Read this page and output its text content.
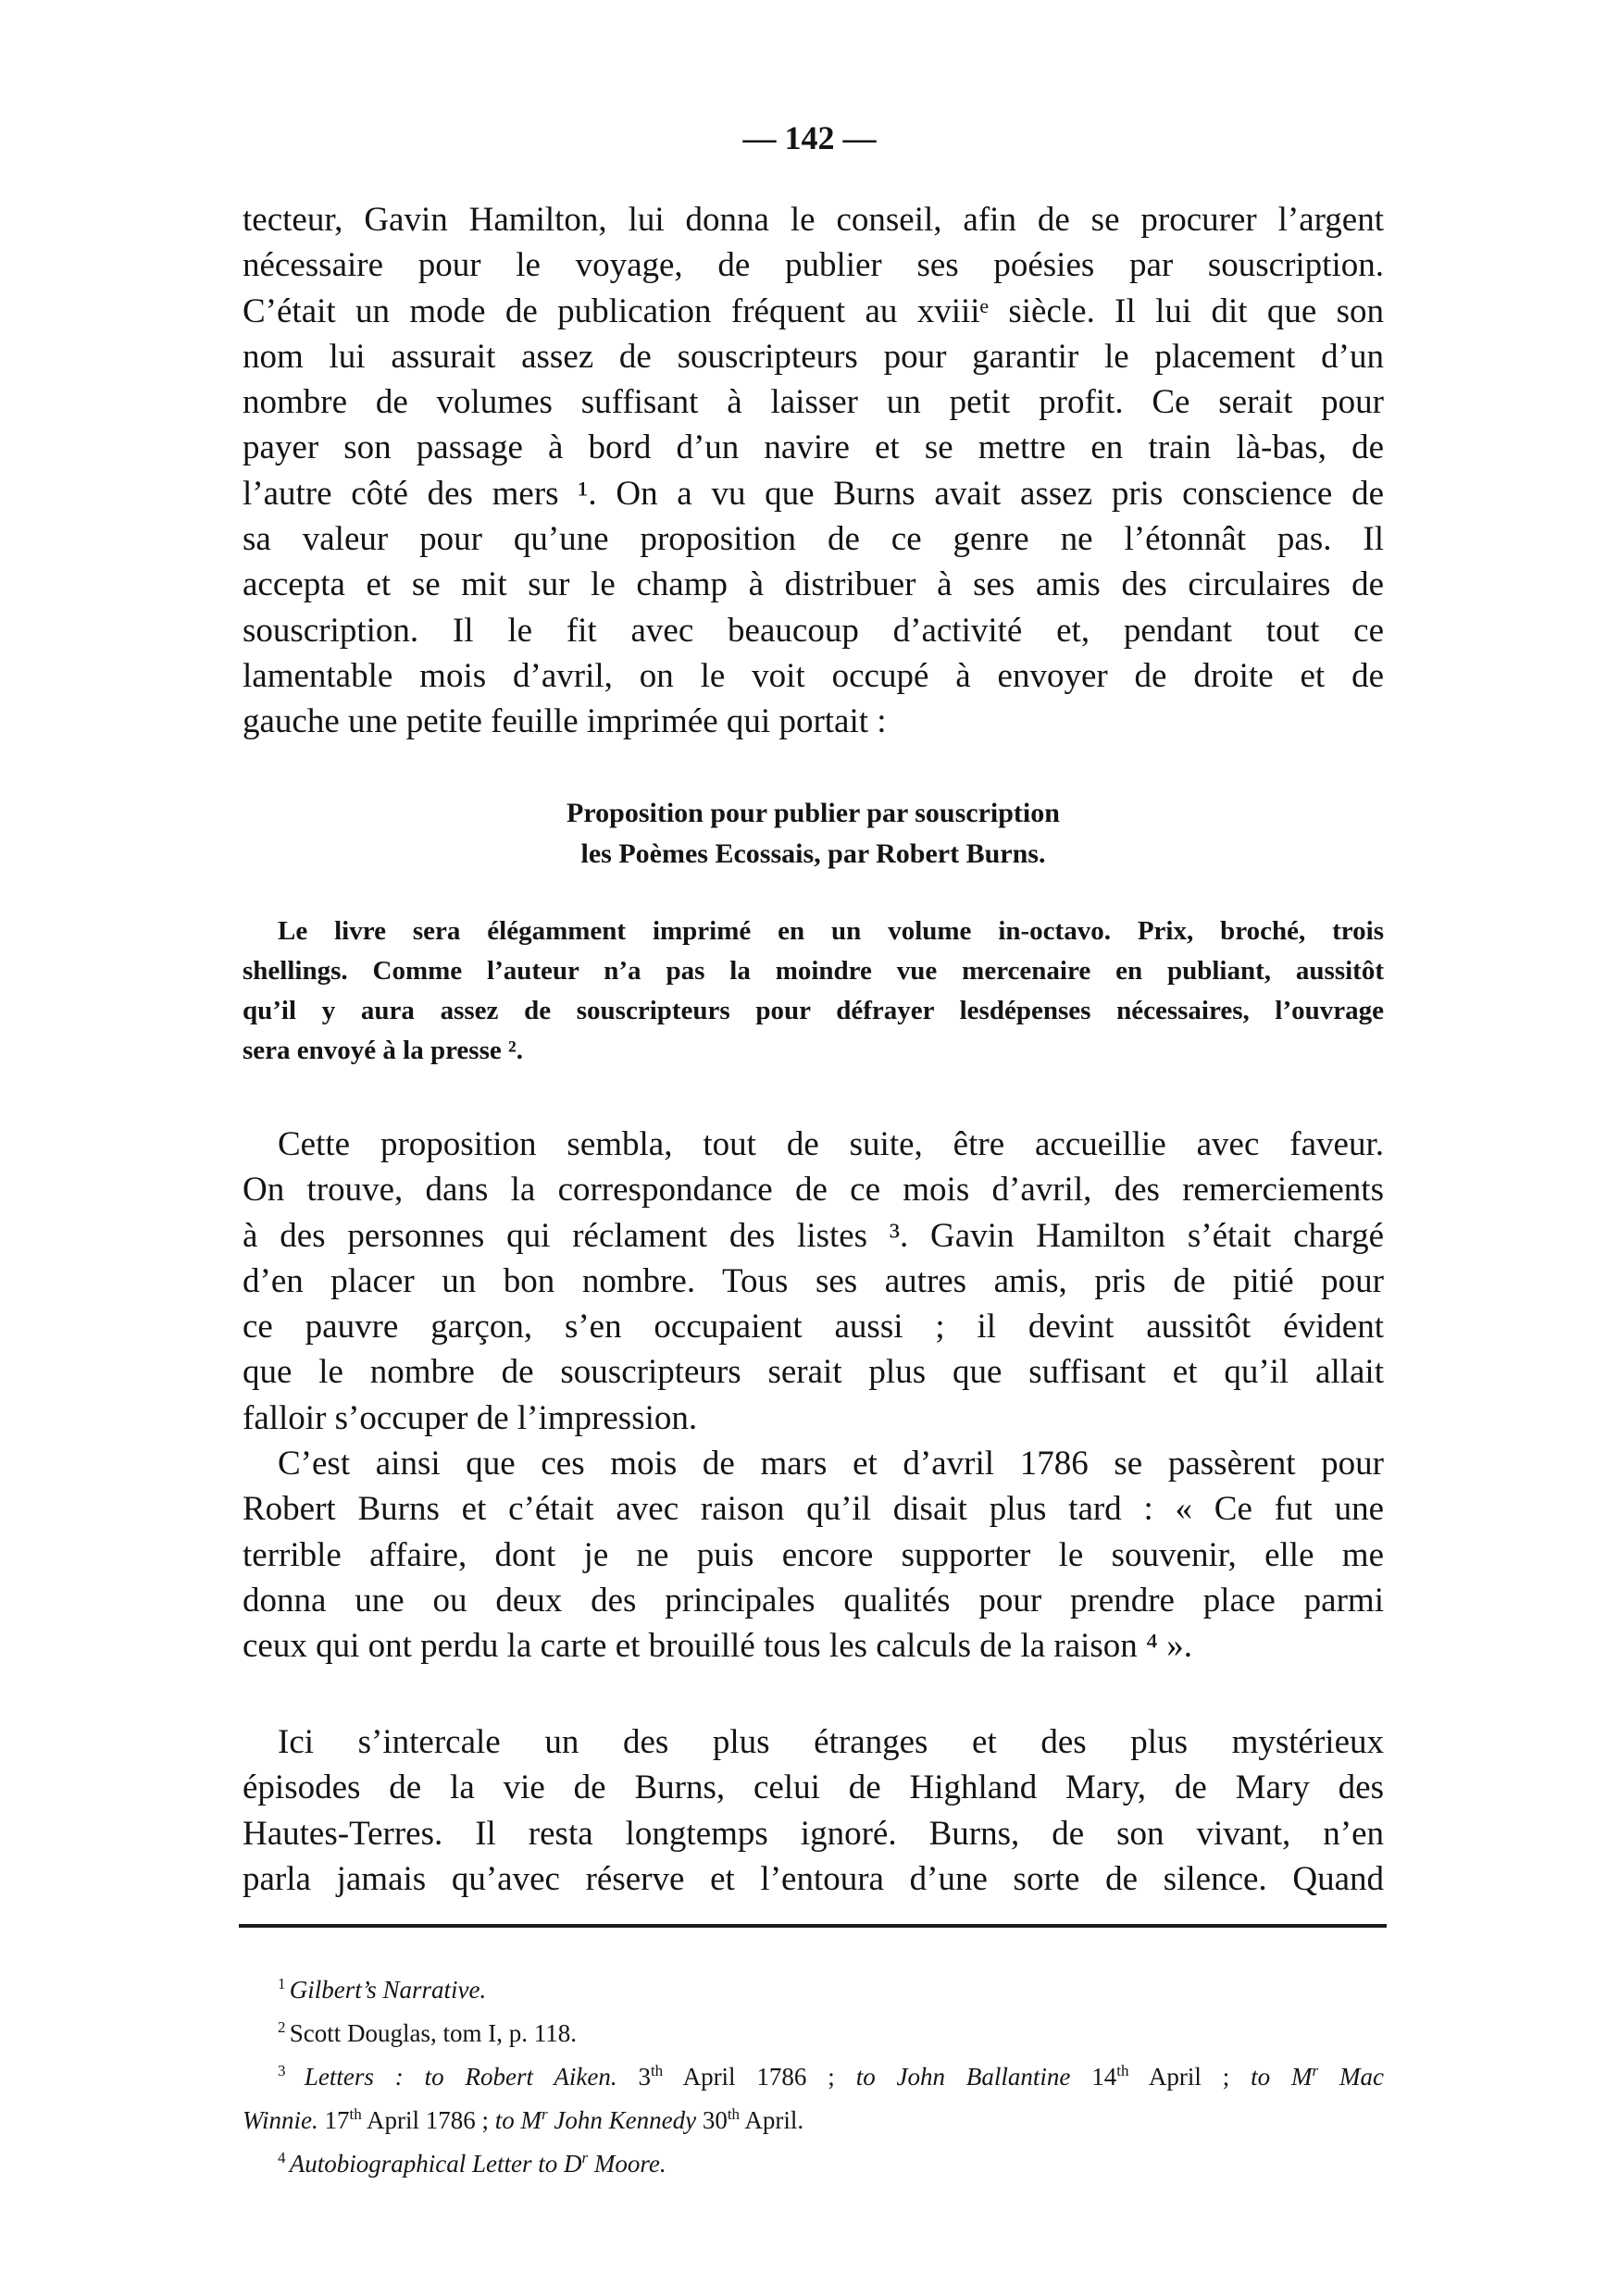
— 142 —
tecteur, Gavin Hamilton, lui donna le conseil, afin de se procurer l’argent
nécessaire pour le voyage, de publier ses poésies par souscription.
C’était un mode de publication fréquent au xviiiᵉ siècle. Il lui dit que son
nom lui assurait assez de souscripteurs pour garantir le placement d’un
nombre de volumes suffisant à laisser un petit profit. Ce serait pour
payer son passage à bord d’un navire et se mettre en train là-bas, de
l’autre côté des mers ¹. On a vu que Burns avait assez pris conscience de
sa valeur pour qu’une proposition de ce genre ne l’étonnât pas. Il
accepta et se mit sur le champ à distribuer à ses amis des circulaires de
souscription. Il le fit avec beaucoup d’activité et, pendant tout ce
lamentable mois d’avril, on le voit occupé à envoyer de droite et de
gauche une petite feuille imprimée qui portait :
Proposition pour publier par souscription
les Poèmes Ecossais, par Robert Burns.
Le livre sera élégamment imprimé en un volume in-octavo. Prix, broché, trois
shellings. Comme l’auteur n’a pas la moindre vue mercenaire en publiant, aussitôt
qu’il y aura assez de souscripteurs pour défrayer lesdépenses nécessaires, l’ouvrage
sera envoyé à la presse ².
Cette proposition sembla, tout de suite, être accueillie avec faveur.
On trouve, dans la correspondance de ce mois d’avril, des remerciements
à des personnes qui réclament des listes ³. Gavin Hamilton s’était chargé
d’en placer un bon nombre. Tous ses autres amis, pris de pitié pour
ce pauvre garçon, s’en occupaient aussi ; il devint aussitôt évident
que le nombre de souscripteurs serait plus que suffisant et qu’il allait
falloir s’occuper de l’impression.
C’est ainsi que ces mois de mars et d’avril 1786 se passèrent pour
Robert Burns et c’était avec raison qu’il disait plus tard : « Ce fut une
terrible affaire, dont je ne puis encore supporter le souvenir, elle me
donna une ou deux des principales qualités pour prendre place parmi
ceux qui ont perdu la carte et brouillé tous les calculs de la raison ⁴ ».
Ici s’intercale un des plus étranges et des plus mystérieux
épisodes de la vie de Burns, celui de Highland Mary, de Mary des
Hautes-Terres. Il resta longtemps ignoré. Burns, de son vivant, n’en
parla jamais qu’avec réserve et l’entoura d’une sorte de silence. Quand
$^1$ Gilbert’s Narrative.
$^2$ Scott Douglas, tom I, p. 118.
$^3$ Letters : to Robert Aiken. 3th April 1786 ; to John Ballantine 14th April ; to $M^r$ Mac
Winnie. 17th April 1786 ; to $M^r$ John Kennedy 30th April.
$^4$ Autobiographical Letter to $D^r$ Moore.
